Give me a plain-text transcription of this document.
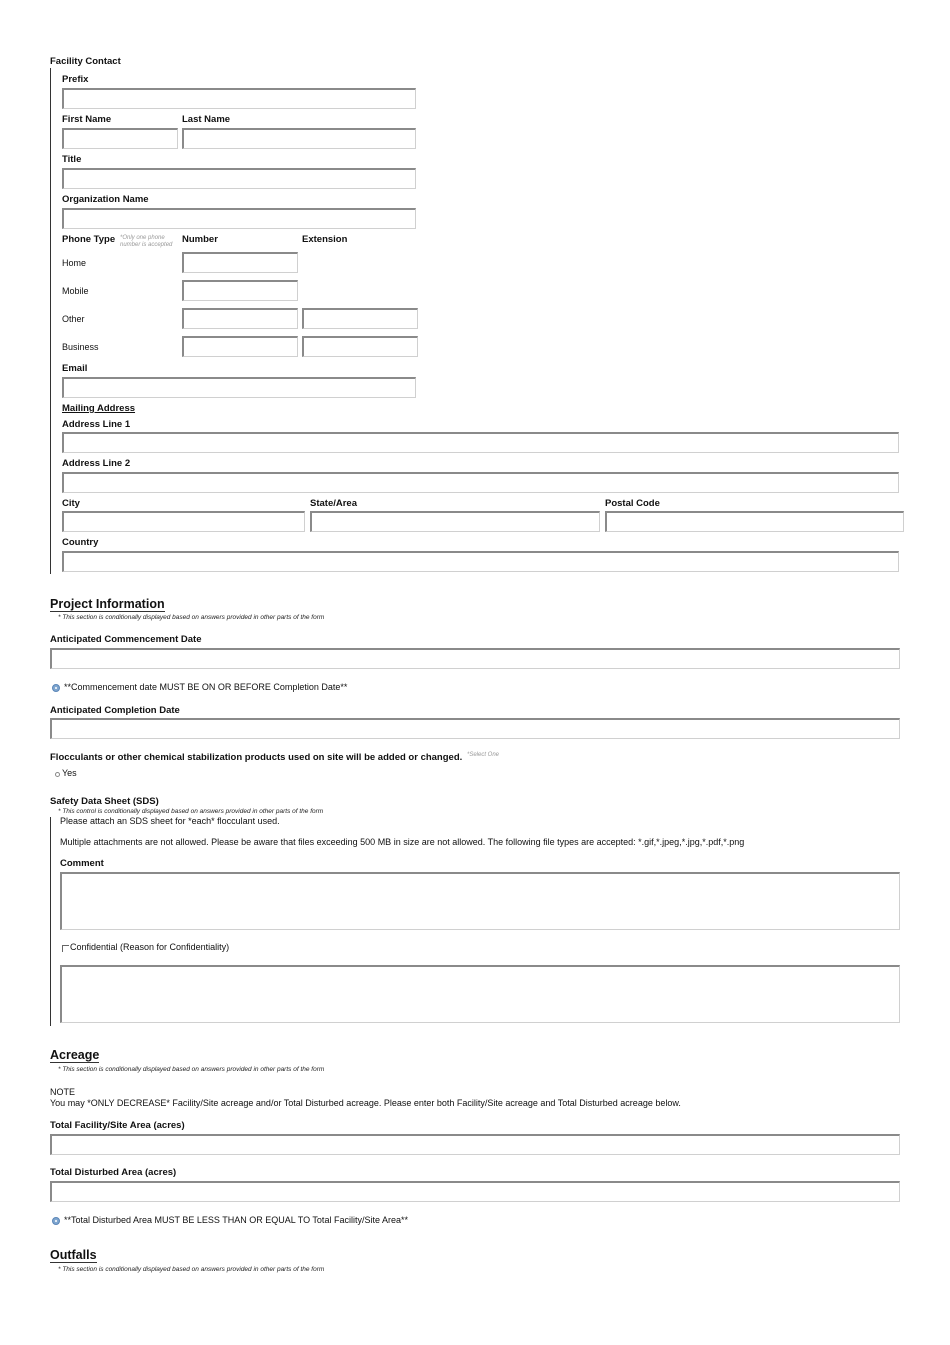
Facility Contact
Prefix
First Name	Last Name
Title
Organization Name
Phone Type *Only one phone number is accepted Number	Extension
Home
Mobile
Other
Business
Email
Mailing Address
Address Line 1
Address Line 2
City	State/Area	Postal Code
Country
Project Information
* This section is conditionally displayed based on answers provided in other parts of the form
Anticipated Commencement Date
**Commencement date MUST BE ON OR BEFORE Completion Date**
Anticipated Completion Date
Flocculants or other chemical stabilization products used on site will be added or changed. *Select One
Yes
Safety Data Sheet (SDS)
* This control is conditionally displayed based on answers provided in other parts of the form
Please attach an SDS sheet for *each* flocculant used.
Multiple attachments are not allowed. Please be aware that files exceeding 500 MB in size are not allowed. The following file types are accepted: *.gif,*.jpeg,*.jpg,*.pdf,*.png
Comment
Confidential (Reason for Confidentiality)
Acreage
* This section is conditionally displayed based on answers provided in other parts of the form
NOTE
You may *ONLY DECREASE* Facility/Site acreage and/or Total Disturbed acreage. Please enter both Facility/Site acreage and Total Disturbed acreage below.
Total Facility/Site Area (acres)
Total Disturbed Area (acres)
**Total Disturbed Area MUST BE LESS THAN OR EQUAL TO Total Facility/Site Area**
Outfalls
* This section is conditionally displayed based on answers provided in other parts of the form
